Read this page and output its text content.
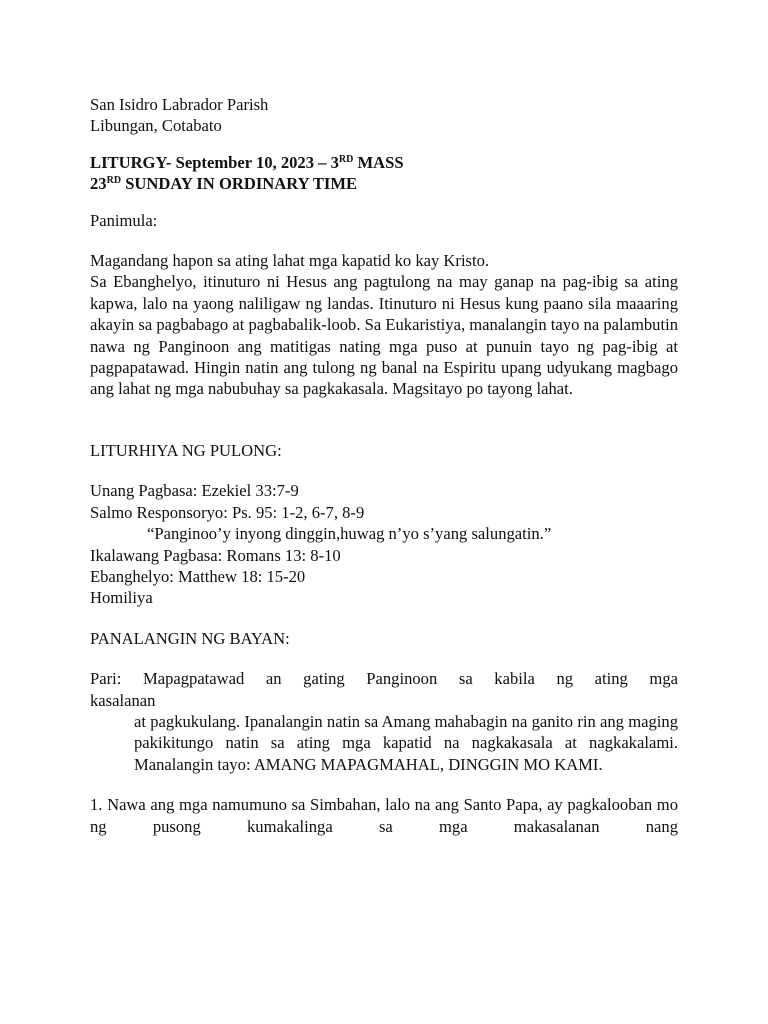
San Isidro Labrador Parish
Libungan, Cotabato
LITURGY- September 10, 2023 – 3RD MASS
23RD SUNDAY IN ORDINARY TIME
Panimula:
Magandang hapon sa ating lahat mga kapatid ko kay Kristo.
Sa Ebanghelyo, itinuturo ni Hesus ang pagtulong na may ganap na pag-ibig sa ating kapwa, lalo na yaong naliligaw ng landas. Itinuturo ni Hesus kung paano sila maaaring akayin sa pagbabago at pagbabalik-loob. Sa Eukaristiya, manalangin tayo na palambutin nawa ng Panginoon ang matitigas nating mga puso at punuin tayo ng pag-ibig at pagpapatawad. Hingin natin ang tulong ng banal na Espiritu upang udyukang magbago ang lahat ng mga nabubuhay sa pagkakasala. Magsitayo po tayong lahat.
LITURHIYA NG PULONG:
Unang Pagbasa: Ezekiel 33:7-9
Salmo Responsoryo: Ps. 95: 1-2, 6-7, 8-9
“Panginoo’y inyong dinggin,huwag n’yo s’yang salungatin.”
Ikalawang Pagbasa: Romans 13: 8-10
Ebanghelyo: Matthew 18: 15-20
Homiliya
PANALANGIN NG BAYAN:
Pari: Mapagpatawad an gating Panginoon sa kabila ng ating mga
kasalanan
at pagkukulang. Ipanalangin natin sa Amang mahabagin na ganito rin ang maging pakikitungo natin sa ating mga kapatid na nagkakasala at nagkakalami. Manalangin tayo: AMANG MAPAGMAHAL, DINGGIN MO KAMI.
1. Nawa ang mga namumuno sa Simbahan, lalo na ang Santo Papa, ay pagkalooban mo ng pusong kumakalinga sa mga makasalanan nang
